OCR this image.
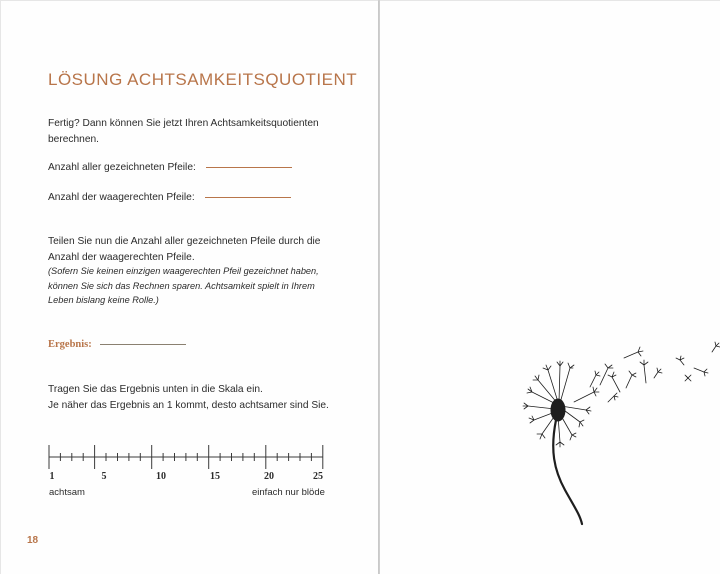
LÖSUNG ACHTSAMKEITSQUOTIENT
Fertig? Dann können Sie jetzt Ihren Achtsamkeitsquotienten
berechnen.
Anzahl aller gezeichneten Pfeile:
Anzahl der waagerechten Pfeile:
Teilen Sie nun die Anzahl aller gezeichneten Pfeile durch die
Anzahl der waagerechten Pfeile.
(Sofern Sie keinen einzigen waagerechten Pfeil gezeichnet haben,
können Sie sich das Rechnen sparen. Achtsamkeit spielt in Ihrem
Leben bislang keine Rolle.)
Ergebnis:
Tragen Sie das Ergebnis unten in die Skala ein.
Je näher das Ergebnis an 1 kommt, desto achtsamer sind Sie.
1	5	10	15	20	25
achtsam	einfach nur blöde
18
